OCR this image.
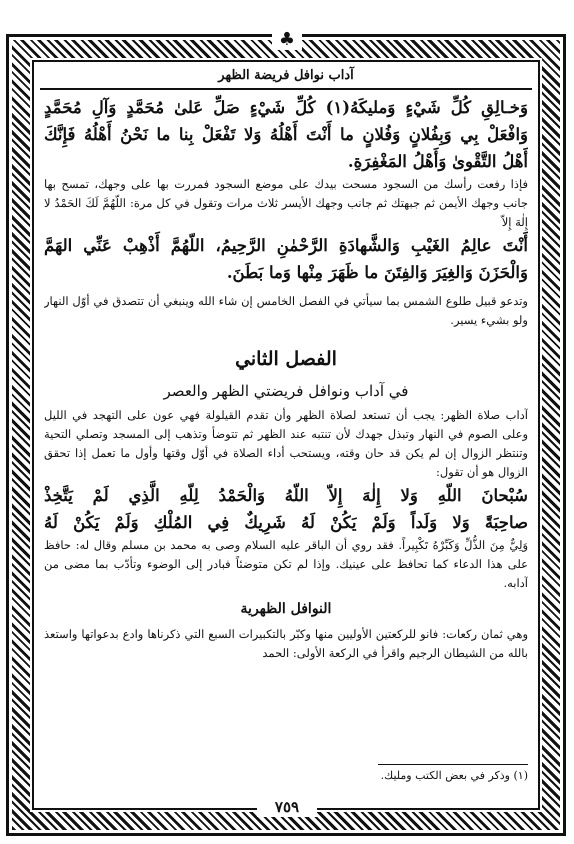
♣
آداب نوافل فريضة الظهر

وَخـالِقِ كُلِّ شَيْءٍ وَمليكَهُ(١) كُلِّ شَيْءٍ صَلِّ عَلىٰ مُحَمَّدٍ وَآلِ مُحَمَّدٍ

وَافْعَلْ بِي وَبِفُلانٍ وَفُلانٍ ما أَنْتَ أَهْلُهُ وَلا تَفْعَلْ بِنا ما نَحْنُ أَهْلُهُ فَإِنَّكَ

أَهْلُ التَّقْوىٰ وَأَهْلُ المَغْفِرَةِ.

فإذا رفعت رأسك من السجود مسحت بيدك على موضع السجود فمررت بها على وجهك، تمسح بها جانب وجهك الأيمن ثم جبهتك ثم جانب وجهك الأيسر ثلاث مرات وتقول في كل مرة: اللّهُمَّ لَكَ الحَمْدُ لا إِلٰهَ إِلاّ

أَنْتَ عالِمُ الغَيْبِ وَالشَّهادَةِ الرَّحْمٰنِ الرَّحِيمُ، اللّهُمَّ أَذْهِبْ عَنِّي الهَمَّ

وَالْحَزَنَ وَالغِيَرَ وَالفِتَنَ ما ظَهَرَ مِنْها وَما بَطَنَ.

وتدعو قبيل طلوع الشمس بما سيأتي في الفصل الخامس إن شاء الله وينبغي أن تتصدق في أوّل النهار ولو بشيء يسير.

الفصل الثاني

في آداب ونوافل فريضتي الظهر والعصر

آداب صلاة الظهر: يجب أن تستعد لصلاة الظهر وأن تقدم القيلولة فهي عون على التهجد في الليل وعلى الصوم في النهار وتبذل جهدك لأن تنتبه عند الظهر ثم تتوضأ وتذهب إلى المسجد وتصلي التحية وتنتظر الزوال إن لم يكن قد حان وقته، ويستحب أداء الصلاة في أوّل وقتها وأول ما تعمل إذا تحقق الزوال هو أن تقول:

سُبْحانَ اللّهِ وَلا إِلٰهَ إِلاّ اللّهُ وَالْحَمْدُ لِلّهِ الَّذِي لَمْ يَتَّخِذْ

صاحِبَةً وَلا وَلَداً وَلَمْ يَكُنْ لَهُ شَرِيكٌ فِي المُلْكِ وَلَمْ يَكُنْ لَهُ

وَلِيٌّ مِنَ الذُّلِّ وَكَبِّرْهُ تَكْبِيراً. فقد روي أن الباقر عليه السلام وصى به محمد بن مسلم وقال له: حافظ على هذا الدعاء كما تحافظ على عينيك. وإذا لم تكن متوضئاً فبادر إلى الوضوء وتأدّب بما مضى من آدابه.

النوافل الظهرية

وهي ثمان ركعات: فانو للركعتين الأوليين منها وكبّر بالتكبيرات السبع التي ذكرناها وادع بدعواتها واستعذ بالله من الشيطان الرجيم واقرأ في الركعة الأولى: الحمد

(١) وذكر في بعض الكتب ومليك.
٧٥٩
